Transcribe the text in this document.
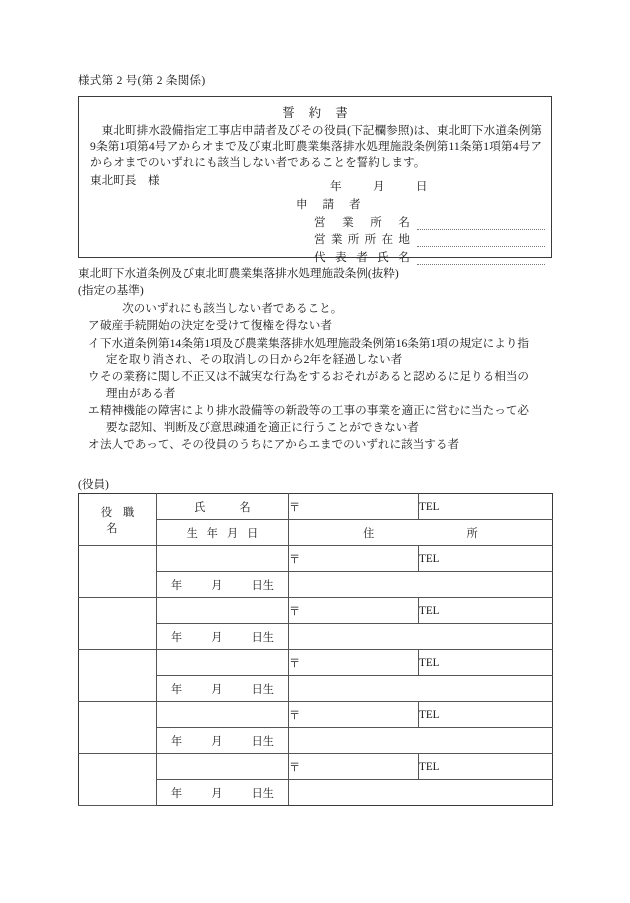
様式第 2 号(第 2 条関係)
誓約書
東北町排水設備指定工事店申請者及びその役員(下記欄参照)は、東北町下水道条例第9条第1項第4号アからオまで及び東北町農業集落排水処理施設条例第11条第1項第4号アからオまでのいずれにも該当しない者であることを誓約します。
東北町長　様	年	月	日
申 請 者
営業所名
営業所所在地
代表者氏名
東北町下水道条例及び東北町農業集落排水処理施設条例(抜粋)
(指定の基準)
次のいずれにも該当しない者であること。
ア 破産手続開始の決定を受けて復権を得ない者
イ 下水道条例第14条第1項及び農業集落排水処理施設条例第16条第1項の規定により指
定を取り消され、その取消しの日から2年を経過しない者
ウ その業務に関し不正又は不誠実な行為をするおそれがあると認めるに足りる相当の
理由がある者
エ 精神機能の障害により排水設備等の新設等の工事の事業を適正に営むに当たって必
要な認知、判断及び意思疎通を適正に行うことができない者
オ 法人であって、その役員のうちにアからエまでのいずれに該当する者
(役員)
役職名	氏名	〒	TEL

	生年月日	住 所	

		〒	TEL
	年 月 日生		
		〒	TEL
	年 月 日生		
		〒	TEL
	年 月 日生		
		〒	TEL
	年 月 日生		
		〒	TEL
	年 月 日生		
